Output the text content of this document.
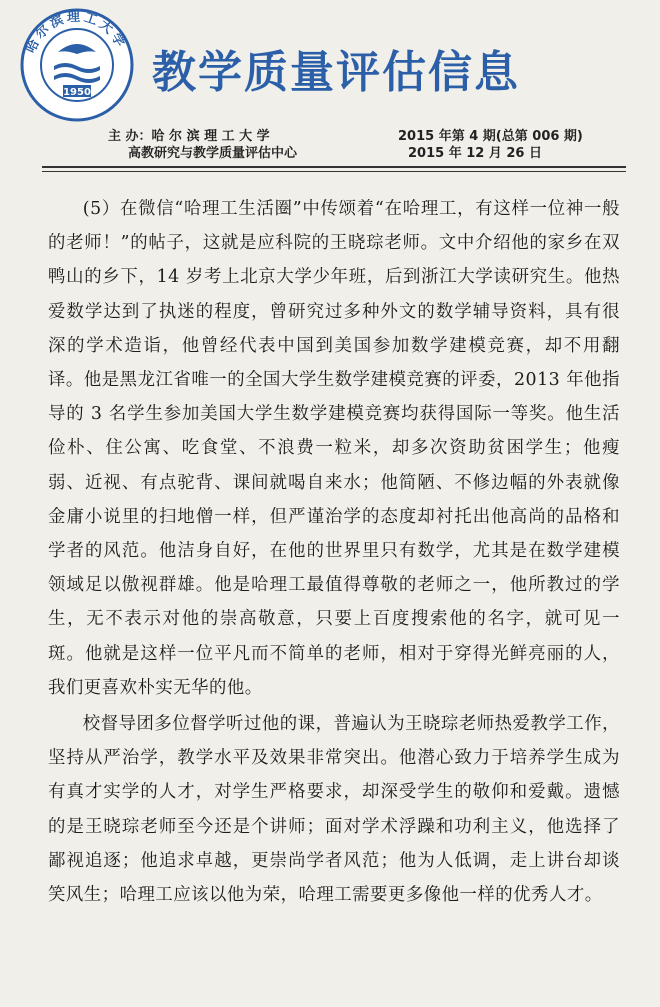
哈尔滨理工大学
1950 教学质量评估信息
主 办：哈 尔 滨 理 工 大 学
高教研究与教学质量评估中心
2015 年第 4 期(总第 006 期)
2015 年 12 月 26 日

(5）在微信“哈理工生活圈”中传颂着“在哈理工，有这样一位神一般的老师！”的帖子，这就是应科院的王晓琮老师。文中介绍他的家乡在双鸭山的乡下，14 岁考上北京大学少年班，后到浙江大学读研究生。他热爱数学达到了执迷的程度，曾研究过多种外文的数学辅导资料，具有很深的学术造诣，他曾经代表中国到美国参加数学建模竞赛，却不用翻译。他是黑龙江省唯一的全国大学生数学建模竞赛的评委，2013 年他指导的 3 名学生参加美国大学生数学建模竞赛均获得国际一等奖。他生活俭朴、住公寓、吃食堂、不浪费一粒米，却多次资助贫困学生；他瘦弱、近视、有点驼背、课间就喝自来水；他简陋、不修边幅的外表就像金庸小说里的扫地僧一样，但严谨治学的态度却衬托出他高尚的品格和学者的风范。他洁身自好，在他的世界里只有数学，尤其是在数学建模领域足以傲视群雄。他是哈理工最值得尊敬的老师之一，他所教过的学生，无不表示对他的崇高敬意，只要上百度搜索他的名字，就可见一斑。他就是这样一位平凡而不简单的老师，相对于穿得光鲜亮丽的人，我们更喜欢朴实无华的他。

校督导团多位督学听过他的课，普遍认为王晓琮老师热爱教学工作，坚持从严治学，教学水平及效果非常突出。他潜心致力于培养学生成为有真才实学的人才，对学生严格要求，却深受学生的敬仰和爱戴。遗憾的是王晓琮老师至今还是个讲师；面对学术浮躁和功利主义，他选择了鄙视追逐；他追求卓越，更崇尚学者风范；他为人低调，走上讲台却谈笑风生；哈理工应该以他为荣，哈理工需要更多像他一样的优秀人才。
